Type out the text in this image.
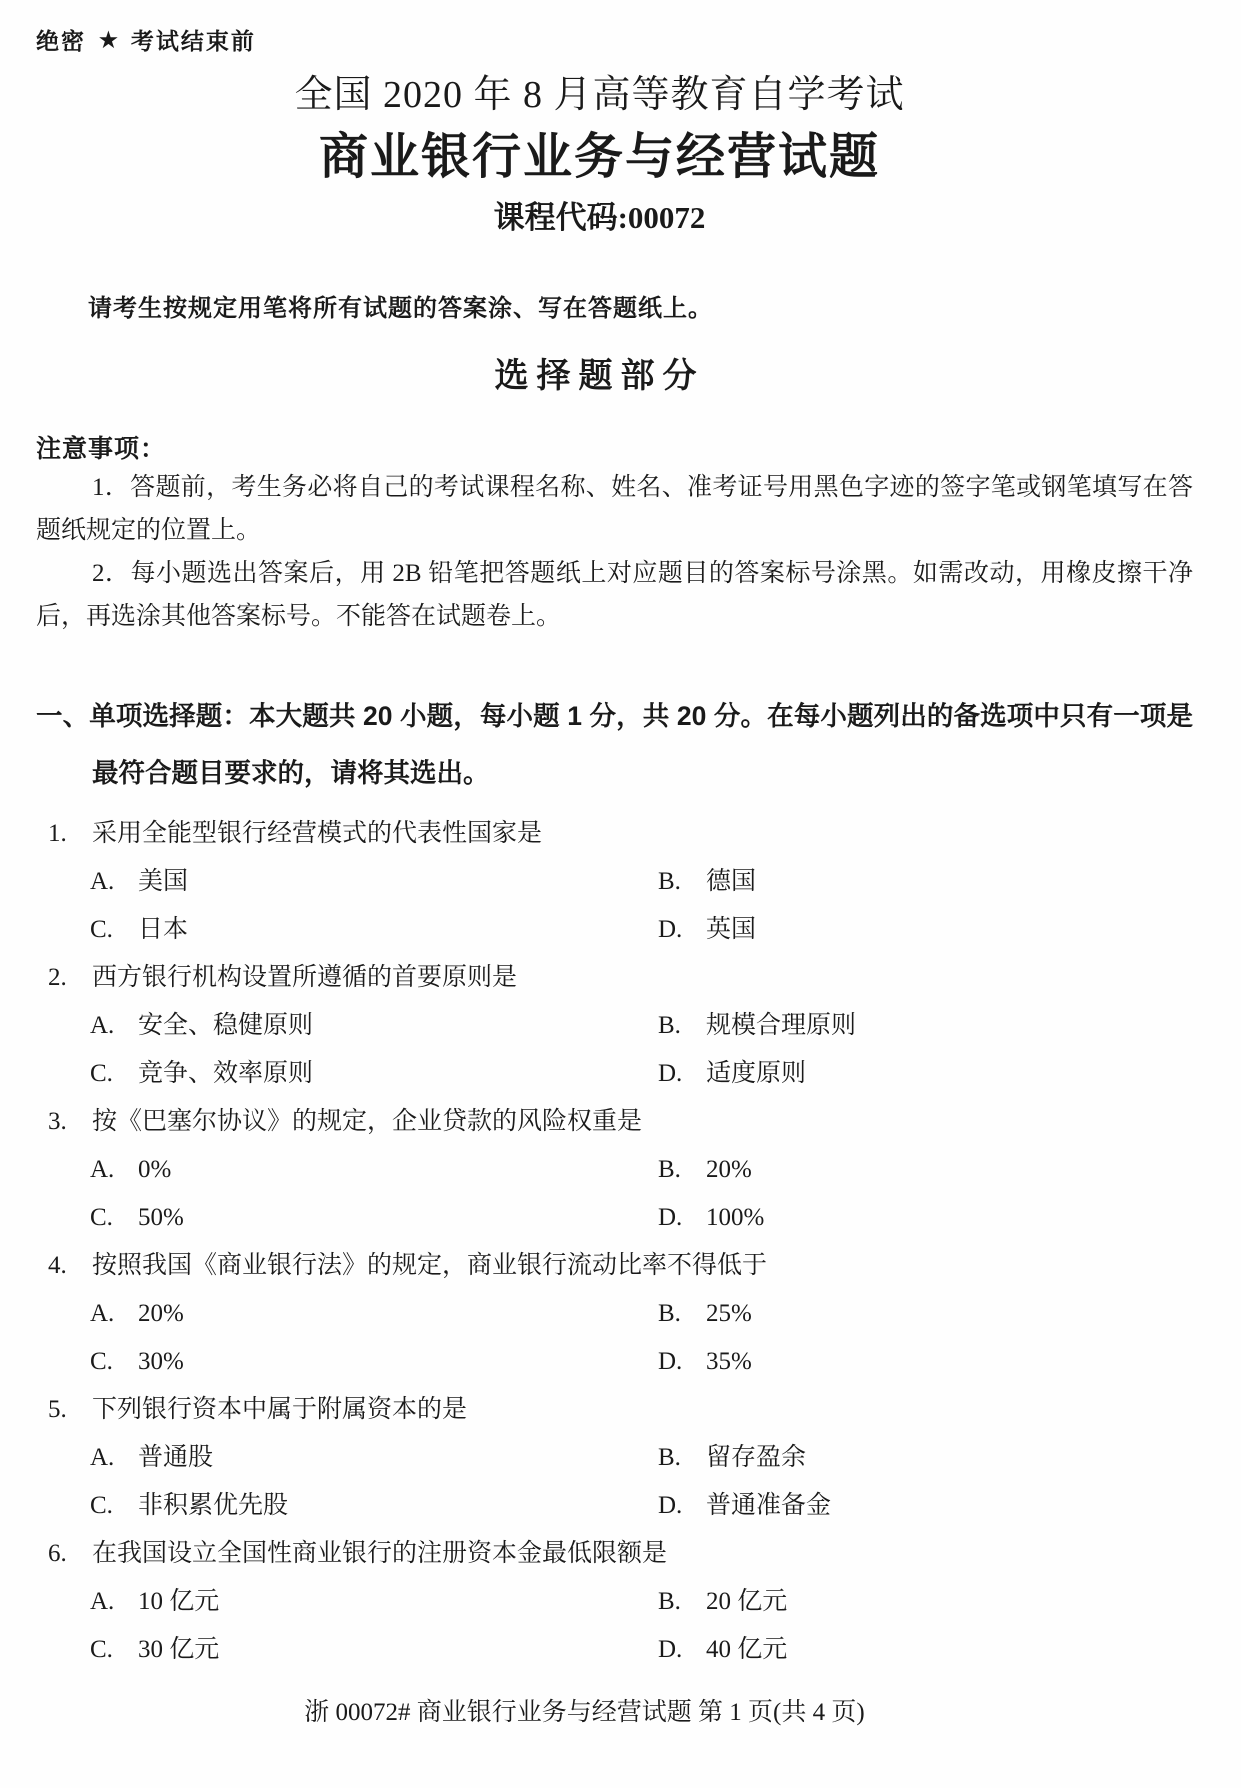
绝密 ★ 考试结束前
全国 2020 年 8 月高等教育自学考试
商业银行业务与经营试题
课程代码:00072

请考生按规定用笔将所有试题的答案涂、写在答题纸上。

选择题部分
注意事项：

1．答题前，考生务必将自己的考试课程名称、姓名、准考证号用黑色字迹的签字笔或钢笔填写在答题纸规定的位置上。

2．每小题选出答案后，用 2B 铅笔把答题纸上对应题目的答案标号涂黑。如需改动，用橡皮擦干净后，再选涂其他答案标号。不能答在试题卷上。

一、单项选择题：本大题共 20 小题，每小题 1 分，共 20 分。在每小题列出的备选项中只有一项是最符合题目要求的，请将其选出。
1.	采用全能型银行经营模式的代表性国家是
A. 美国	B.	德国
C.	日本	D. 英国
2.	西方银行机构设置所遵循的首要原则是
A. 安全、稳健原则	B.	规模合理原则
C.	竞争、效率原则	D. 适度原则
3.	按《巴塞尔协议》的规定，企业贷款的风险权重是
A. 0%	B.	20%
C.	50%	D. 100%
4.	按照我国《商业银行法》的规定，商业银行流动比率不得低于
A. 20%	B.	25%
C.	30%	D. 35%
5.	下列银行资本中属于附属资本的是
A. 普通股	B.	留存盈余
C.	非积累优先股	D. 普通准备金
6.	在我国设立全国性商业银行的注册资本金最低限额是
A. 10 亿元	B.	20 亿元
C.	30 亿元	D. 40 亿元
浙 00072# 商业银行业务与经营试题 第 1 页(共 4 页)
